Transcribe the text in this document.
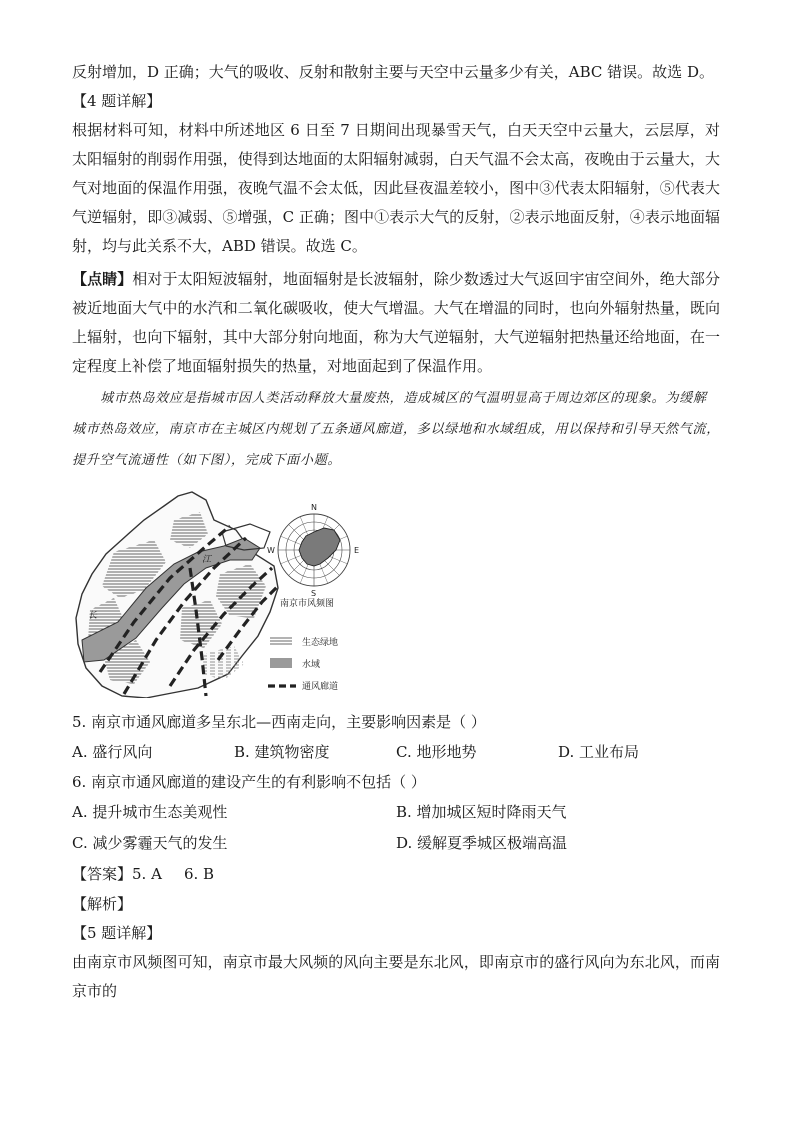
反射增加，D 正确；大气的吸收、反射和散射主要与天空中云量多少有关，ABC 错误。故选 D。

【4 题详解】

根据材料可知，材料中所述地区 6 日至 7 日期间出现暴雪天气，白天天空中云量大，云层厚，对太阳辐射的削弱作用强，使得到达地面的太阳辐射减弱，白天气温不会太高，夜晚由于云量大，大气对地面的保温作用强，夜晚气温不会太低，因此昼夜温差较小，图中③代表太阳辐射，⑤代表大气逆辐射，即③减弱、⑤增强，C 正确；图中①表示大气的反射，②表示地面反射，④表示地面辐射，均与此关系不大，ABD 错误。故选 C。

【点睛】相对于太阳短波辐射，地面辐射是长波辐射，除少数透过大气返回宇宙空间外，绝大部分被近地面大气中的水汽和二氧化碳吸收，使大气增温。大气在增温的同时，也向外辐射热量，既向上辐射，也向下辐射，其中大部分射向地面，称为大气逆辐射，大气逆辐射把热量还给地面，在一定程度上补偿了地面辐射损失的热量，对地面起到了保温作用。

城市热岛效应是指城市因人类活动释放大量废热，造成城区的气温明显高于周边郊区的现象。为缓解城市热岛效应，南京市在主城区内规划了五条通风廊道，多以绿地和水域组成，用以保持和引导天然气流，提升空气流通性（如下图），完成下面小题。

江
长
N
E
S
W
南京市风频图
生态绿地
水域
通风廊道

5. 南京市通风廊道多呈东北—西南走向，主要影响因素是（ ）

A. 盛行风向	B. 建筑物密度	C. 地形地势	D. 工业布局

6. 南京市通风廊道的建设产生的有利影响不包括（ ）

A. 提升城市生态美观性	B. 增加城区短时降雨天气
C. 减少雾霾天气的发生	D. 缓解夏季城区极端高温

【答案】5. A 6. B

【解析】

【5 题详解】

由南京市风频图可知，南京市最大风频的风向主要是东北风，即南京市的盛行风向为东北风，而南京市的
